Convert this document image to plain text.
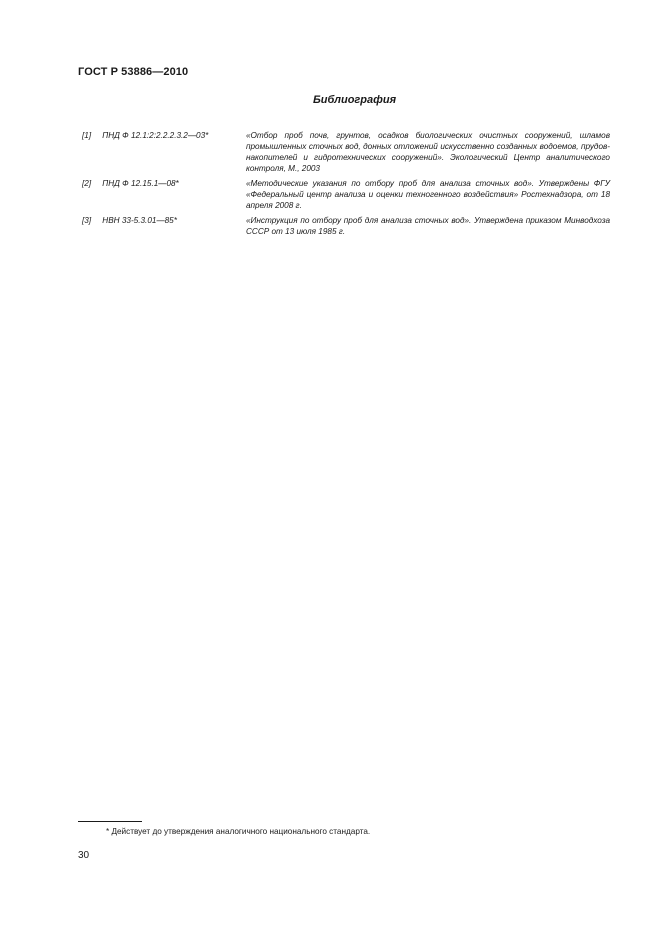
ГОСТ Р 53886—2010
Библиография
[1] ПНД Ф 12.1:2:2.2.2.3.2—03*	«Отбор проб почв, грунтов, осадков биологических очистных сооружений, шламов промышленных сточных вод, донных отложений искусственно созданных водоемов, прудов-накопителей и гидротехнических сооружений». Экологический Центр аналитического контроля, М., 2003
[2] ПНД Ф 12.15.1—08*	«Методические указания по отбору проб для анализа сточных вод». Утверждены ФГУ «Федеральный центр анализа и оценки техногенного воздействия» Ростехнадзора, от 18 апреля 2008 г.
[3] НВН 33-5.3.01—85*	«Инструкция по отбору проб для анализа сточных вод». Утверждена приказом Минводхоза СССР от 13 июля 1985 г.
* Действует до утверждения аналогичного национального стандарта.
30
